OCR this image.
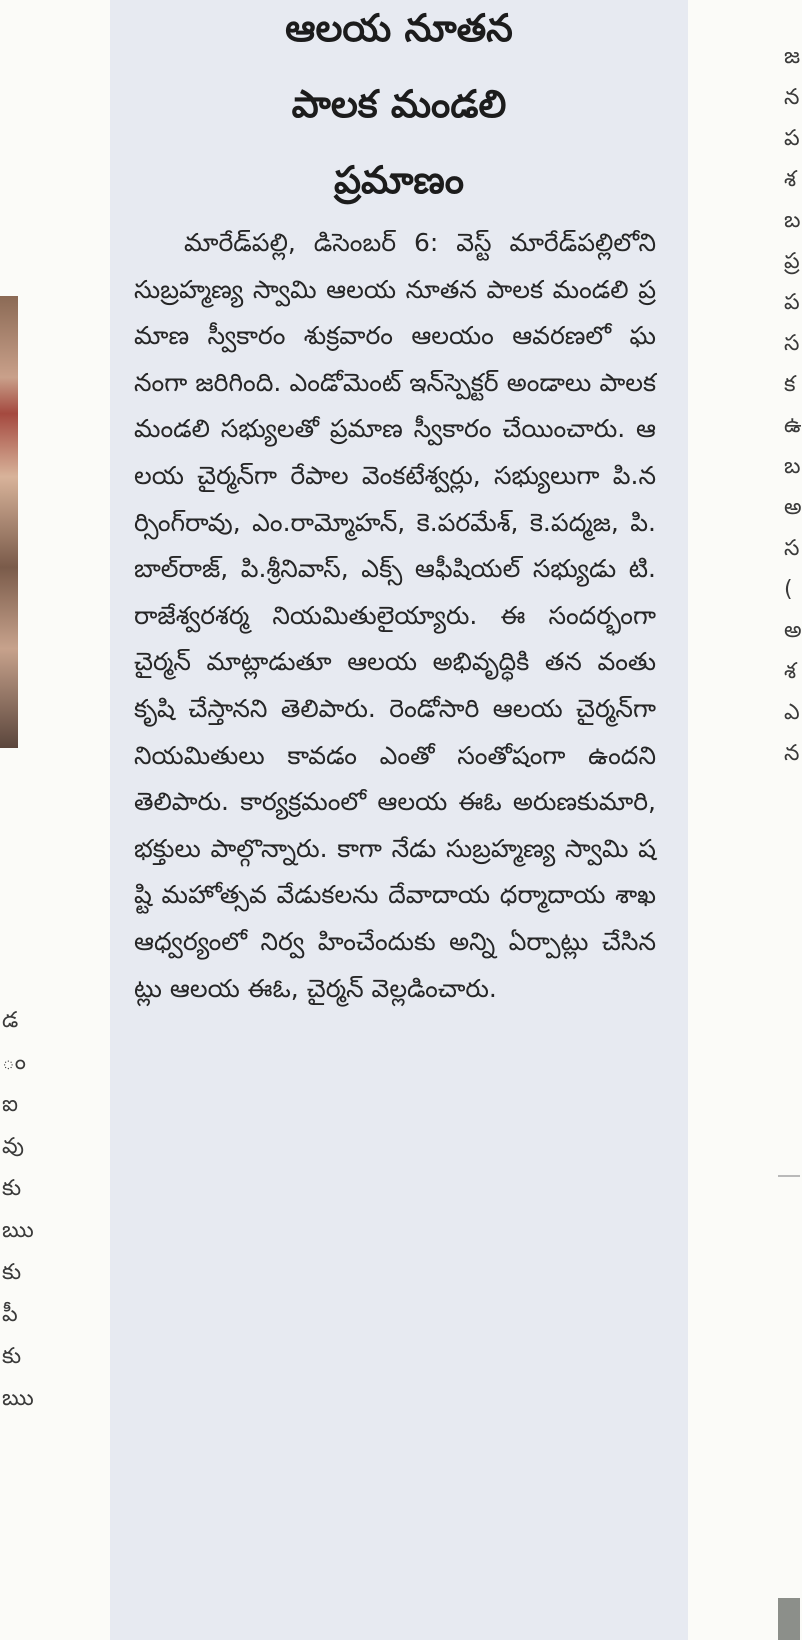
డ
ం
ఐ
వు
కు
ఋ
కు
పీ
కు
ఋ
ఆలయ నూతన
పాలక మండలి
ప్రమాణం

మారేడ్‌పల్లి, డిసెంబర్ 6: వెస్ట్ మారేడ్‌పల్లిలోని సుబ్రహ్మణ్య స్వామి ఆలయ నూతన పాలక మండలి ప్రమాణ స్వీకారం శుక్రవారం ఆలయం ఆవరణలో ఘనంగా జరిగింది. ఎండోమెంట్ ఇన్‌స్పెక్టర్ అండాలు పాలక మండలి సభ్యులతో ప్రమాణ స్వీకారం చేయించారు. ఆలయ చైర్మన్‌గా రేపాల వెంకటేశ్వర్లు, సభ్యులుగా పి.నర్సింగ్‌రావు, ఎం.రామ్మోహన్, కె.పరమేశ్, కె.పద్మజ, పి.బాల్‌రాజ్, పి.శ్రీనివాస్, ఎక్స్ ఆఫీషియల్ సభ్యుడు టి.రాజేశ్వరశర్మ నియమితులైయ్యారు. ఈ సందర్భంగా చైర్మన్ మాట్లాడుతూ ఆలయ అభివృద్ధికి తన వంతు కృషి చేస్తానని తెలిపారు. రెండోసారి ఆలయ చైర్మన్‌గా నియమితులు కావడం ఎంతో సంతోషంగా ఉందని తెలిపారు. కార్యక్రమంలో ఆలయ ఈఓ అరుణకుమారి, భక్తులు పాల్గొన్నారు. కాగా నేడు సుబ్రహ్మణ్య స్వామి షష్టి మహోత్సవ వేడుకలను దేవాదాయ ధర్మాదాయ శాఖ ఆధ్వర్యంలో నిర్వ హించేందుకు అన్ని ఏర్పాట్లు చేసినట్లు ఆలయ ఈఓ, చైర్మన్ వెల్లడించారు.

జ
న
ప
శ
బ
ప్ర
ప
స
క
ఉ
బ
అ
స
(
అ
శ
ఎ
న
